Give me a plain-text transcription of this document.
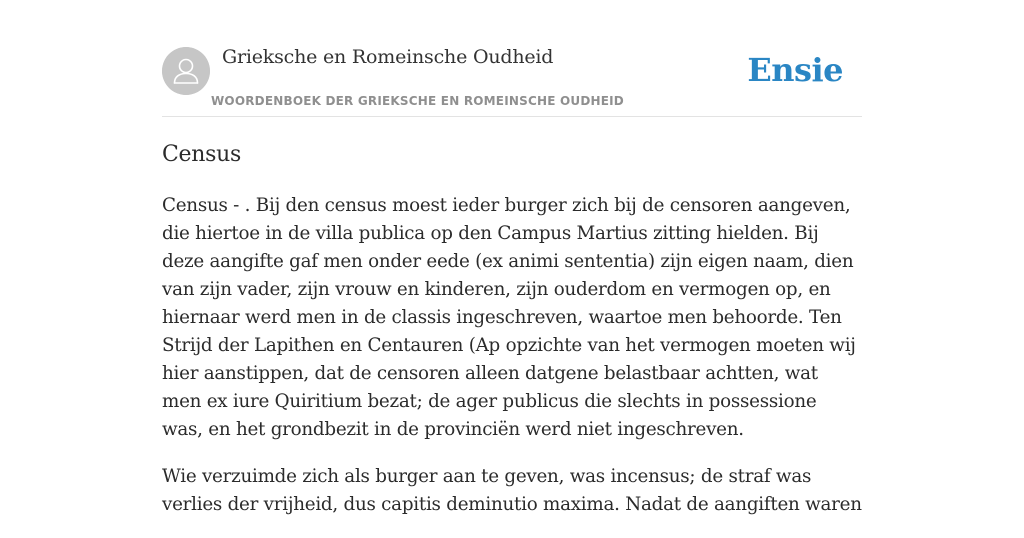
Grieksche en Romeinsche Oudheid
WOORDENBOEK DER GRIEKSCHE EN ROMEINSCHE OUDHEID
Ensie
Census

Census - . Bij den census moest ieder burger zich bij de censoren aangeven, die hiertoe in de villa publica op den Campus Martius zitting hielden. Bij deze aangifte gaf men onder eede (ex animi sententia) zijn eigen naam, dien van zijn vader, zijn vrouw en kinderen, zijn ouderdom en vermogen op, en hiernaar werd men in de classis ingeschreven, waartoe men behoorde. Ten Strijd der Lapithen en Centauren (Ap opzichte van het vermogen moeten wij hier aanstippen, dat de censoren alleen datgene belastbaar achtten, wat men ex iure Quiritium bezat; de ager publicus die slechts in possessione was, en het grondbezit in de provinciën werd niet ingeschreven.

Wie verzuimde zich als burger aan te geven, was incensus; de straf was verlies der vrijheid, dus capitis deminutio maxima. Nadat de aangiften waren
